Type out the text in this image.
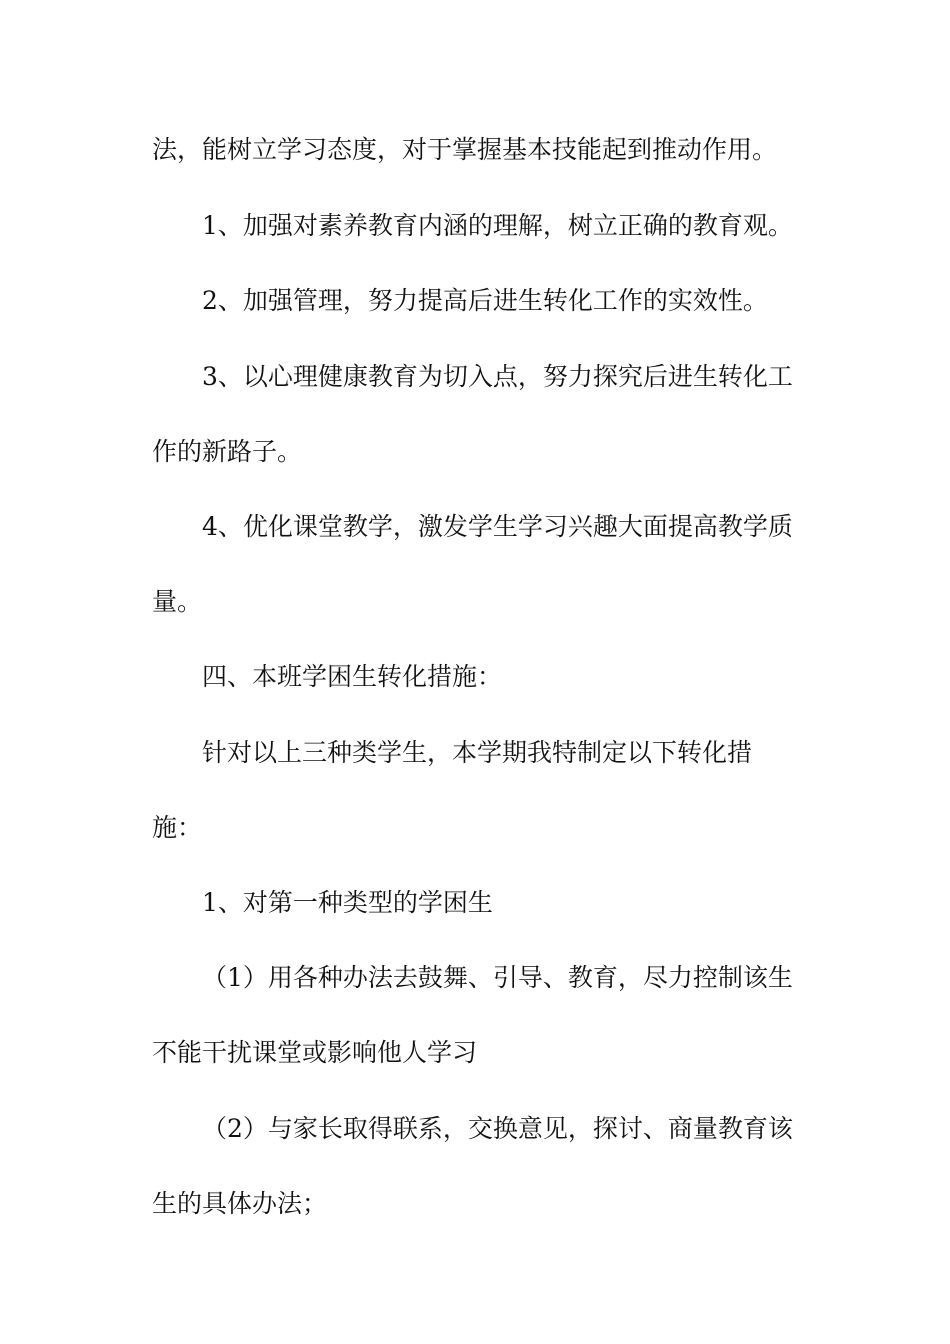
法，能树立学习态度，对于掌握基本技能起到推动作用。
1、加强对素养教育内涵的理解，树立正确的教育观。
2、加强管理，努力提高后进生转化工作的实效性。
3、以心理健康教育为切入点，努力探究后进生转化工
作的新路子。
4、优化课堂教学，激发学生学习兴趣大面提高教学质
量。
四、本班学困生转化措施：
针对以上三种类学生，本学期我特制定以下转化措
施：
1、对第一种类型的学困生
（1）用各种办法去鼓舞、引导、教育，尽力控制该生
不能干扰课堂或影响他人学习
（2）与家长取得联系，交换意见，探讨、商量教育该
生的具体办法；
